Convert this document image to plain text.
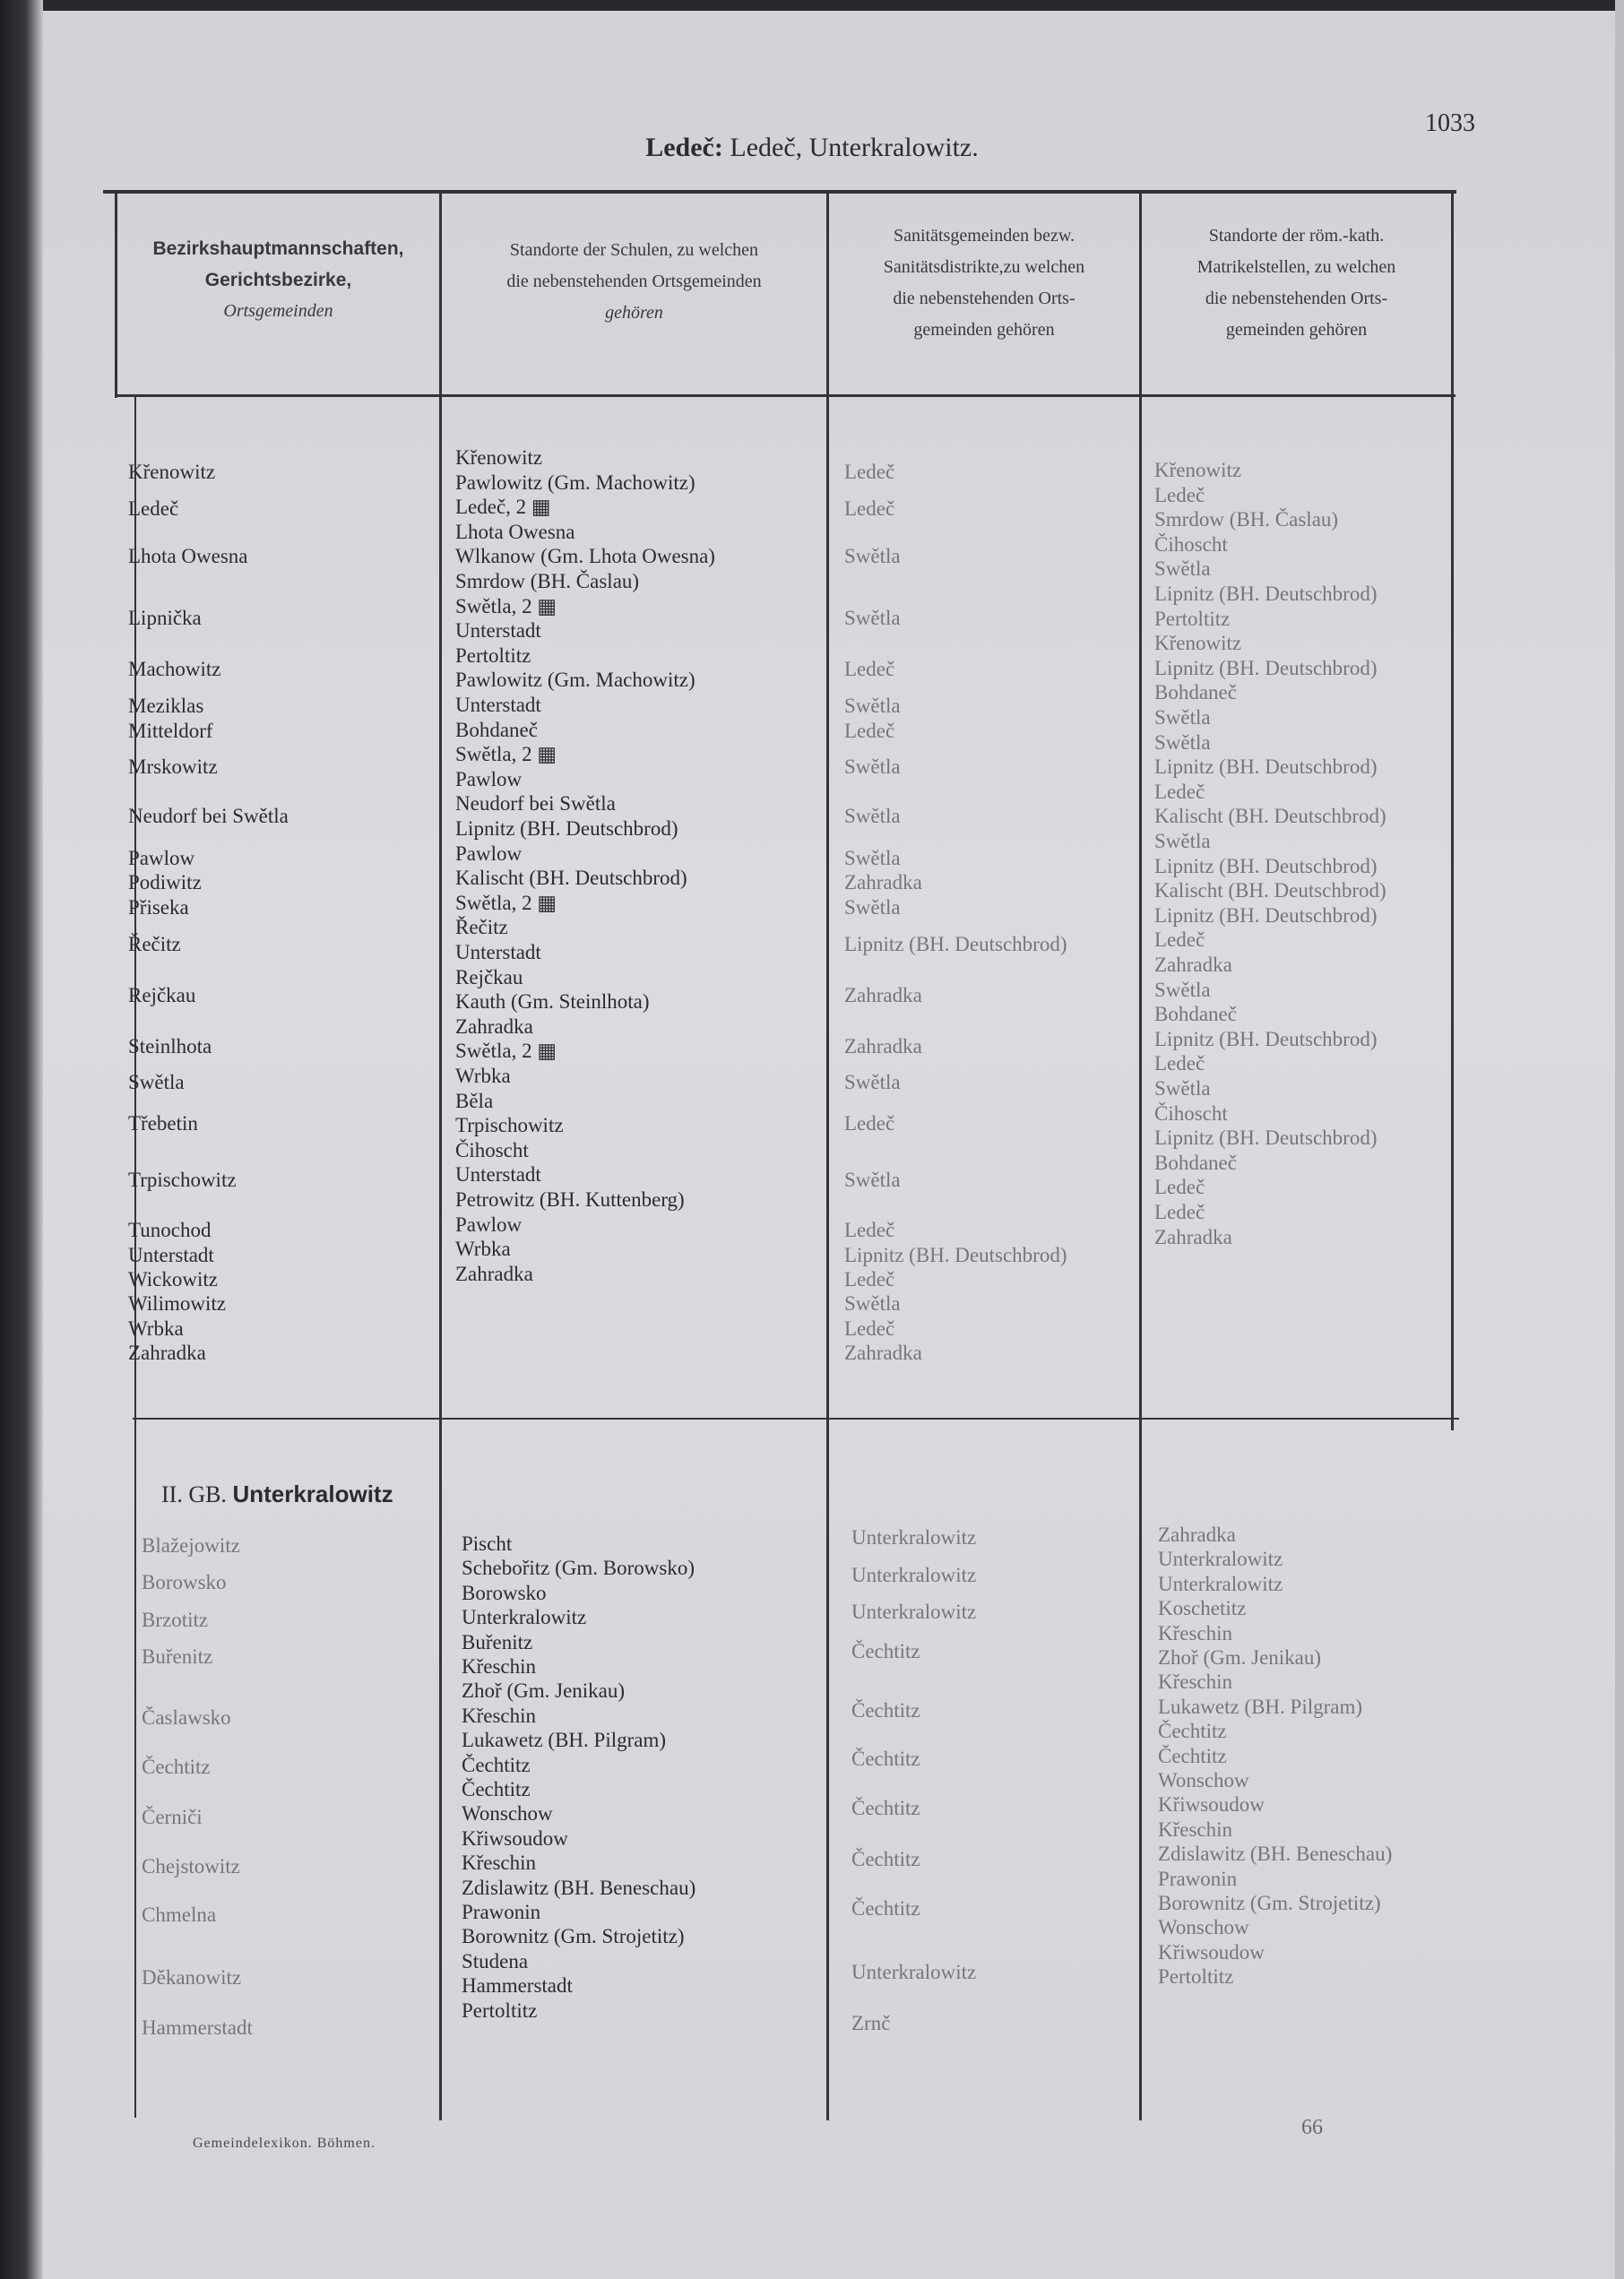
Ledeč: Ledeč, Unterkralowitz.
1033
Bezirkshauptmannschaften,
Gerichtsbezirke,
Ortsgemeinden
Standorte der Schulen, zu welchen
die nebenstehenden Ortsgemeinden
gehören
Sanitätsgemeinden bezw.
Sanitätsdistrikte,zu welchen
die nebenstehenden Orts-
gemeinden gehören
Standorte der röm.-kath.
Matrikelstellen, zu welchen
die nebenstehenden Orts-
gemeinden gehören
Křenowitz
Ledeč
Lhota Owesna
Lipnička
Machowitz
Meziklas
Mitteldorf
Mrskowitz
Neudorf bei Swětla
Pawlow
Podiwitz
Přiseka
Řečitz
Rejčkau
Steinlhota
Swětla
Třebetin
Trpischowitz
Tunochod
Unterstadt
Wickowitz
Wilimowitz
Wrbka
Zahradka
Křenowitz
Pawlowitz (Gm. Machowitz)
Ledeč, 2 ▦
Lhota Owesna
Wlkanow (Gm. Lhota Owesna)
Smrdow (BH. Časlau)
Swětla, 2 ▦
Unterstadt
Pertoltitz
Pawlowitz (Gm. Machowitz)
Unterstadt
Bohdaneč
Swětla, 2 ▦
Pawlow
Neudorf bei Swětla
Lipnitz (BH. Deutschbrod)
Pawlow
Kalischt (BH. Deutschbrod)
Swětla, 2 ▦
Řečitz
Unterstadt
Rejčkau
Kauth (Gm. Steinlhota)
Zahradka
Swětla, 2 ▦
Wrbka
Běla
Trpischowitz
Čihoscht
Unterstadt
Petrowitz (BH. Kuttenberg)
Pawlow
Wrbka
Zahradka
Ledeč
Ledeč
Swětla
Swětla
Ledeč
Swětla
Ledeč
Swětla
Swětla
Swětla
Zahradka
Swětla
Lipnitz (BH. Deutschbrod)
Zahradka
Zahradka
Swětla
Ledeč
Swětla
Ledeč
Lipnitz (BH. Deutschbrod)
Ledeč
Swětla
Ledeč
Zahradka
Křenowitz
Ledeč
Smrdow (BH. Časlau)
Čihoscht
Swětla
Lipnitz (BH. Deutschbrod)
Pertoltitz
Křenowitz
Lipnitz (BH. Deutschbrod)
Bohdaneč
Swětla
Swětla
Lipnitz (BH. Deutschbrod)
Ledeč
Kalischt (BH. Deutschbrod)
Swětla
Lipnitz (BH. Deutschbrod)
Kalischt (BH. Deutschbrod)
Lipnitz (BH. Deutschbrod)
Ledeč
Zahradka
Swětla
Bohdaneč
Lipnitz (BH. Deutschbrod)
Ledeč
Swětla
Čihoscht
Lipnitz (BH. Deutschbrod)
Bohdaneč
Ledeč
Ledeč
Zahradka
II. GB. Unterkralowitz
Blažejowitz
Borowsko
Brzotitz
Buřenitz
Časlawsko
Čechtitz
Černiči
Chejstowitz
Chmelna
Děkanowitz
Hammerstadt
Pischt
Schebořitz (Gm. Borowsko)
Borowsko
Unterkralowitz
Buřenitz
Křeschin
Zhoř (Gm. Jenikau)
Křeschin
Lukawetz (BH. Pilgram)
Čechtitz
Čechtitz
Wonschow
Křiwsoudow
Křeschin
Zdislawitz (BH. Beneschau)
Prawonin
Borownitz (Gm. Strojetitz)
Studena
Hammerstadt
Pertoltitz
Unterkralowitz
Unterkralowitz
Unterkralowitz
Čechtitz
Čechtitz
Čechtitz
Čechtitz
Čechtitz
Čechtitz
Unterkralowitz
Zrnč
Zahradka
Unterkralowitz
Unterkralowitz
Koschetitz
Křeschin
Zhoř (Gm. Jenikau)
Křeschin
Lukawetz (BH. Pilgram)
Čechtitz
Čechtitz
Wonschow
Křiwsoudow
Křeschin
Zdislawitz (BH. Beneschau)
Prawonin
Borownitz (Gm. Strojetitz)
Wonschow
Křiwsoudow
Pertoltitz
Gemeindelexikon. Böhmen.
66
